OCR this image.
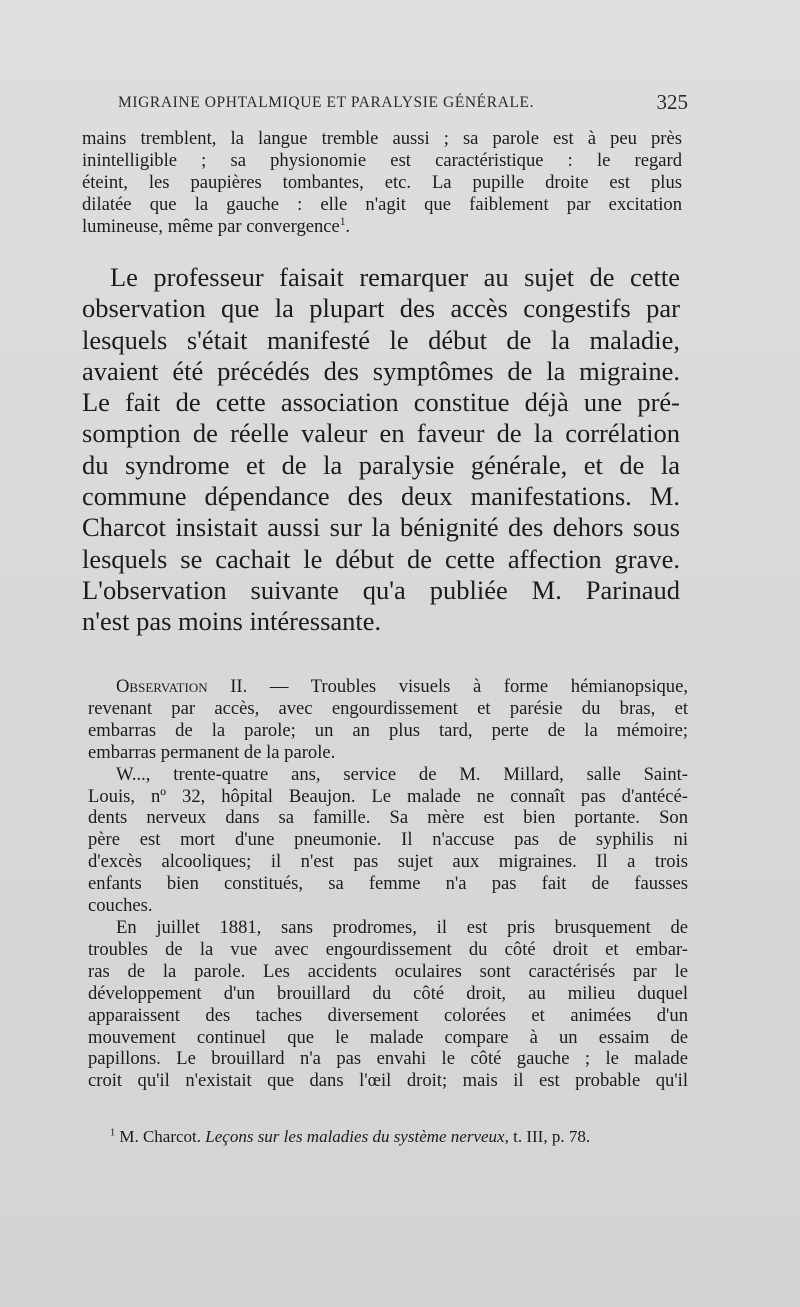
MIGRAINE OPHTALMIQUE ET PARALYSIE GÉNÉRALE.	325
mains tremblent, la langue tremble aussi ; sa parole est à peu près
inintelligible ; sa physionomie est caractéristique : le regard
éteint, les paupières tombantes, etc. La pupille droite est plus
dilatée que la gauche : elle n'agit que faiblement par excitation
lumineuse, même par convergence$^1$.
Le professeur faisait remarquer au sujet de cette
observation que la plupart des accès congestifs par
lesquels s'était manifesté le début de la maladie,
avaient été précédés des symptômes de la migraine.
Le fait de cette association constitue déjà une pré-
somption de réelle valeur en faveur de la corrélation
du syndrome et de la paralysie générale, et de la
commune dépendance des deux manifestations. M.
Charcot insistait aussi sur la bénignité des dehors sous
lesquels se cachait le début de cette affection grave.
L'observation suivante qu'a publiée M. Parinaud
n'est pas moins intéressante.
Observation II. — Troubles visuels à forme hémianopsique,
revenant par accès, avec engourdissement et parésie du bras, et
embarras de la parole; un an plus tard, perte de la mémoire;
embarras permanent de la parole.
W..., trente-quatre ans, service de M. Millard, salle Saint-
Louis, nº 32, hôpital Beaujon. Le malade ne connaît pas d'antécé-
dents nerveux dans sa famille. Sa mère est bien portante. Son
père est mort d'une pneumonie. Il n'accuse pas de syphilis ni
d'excès alcooliques; il n'est pas sujet aux migraines. Il a trois
enfants bien constitués, sa femme n'a pas fait de fausses
couches.
En juillet 1881, sans prodromes, il est pris brusquement de
troubles de la vue avec engourdissement du côté droit et embar-
ras de la parole. Les accidents oculaires sont caractérisés par le
développement d'un brouillard du côté droit, au milieu duquel
apparaissent des taches diversement colorées et animées d'un
mouvement continuel que le malade compare à un essaim de
papillons. Le brouillard n'a pas envahi le côté gauche ; le malade
croit qu'il n'existait que dans l'œil droit; mais il est probable qu'il
$^1$ M. Charcot. Leçons sur les maladies du système nerveux, t. III, p. 78.
